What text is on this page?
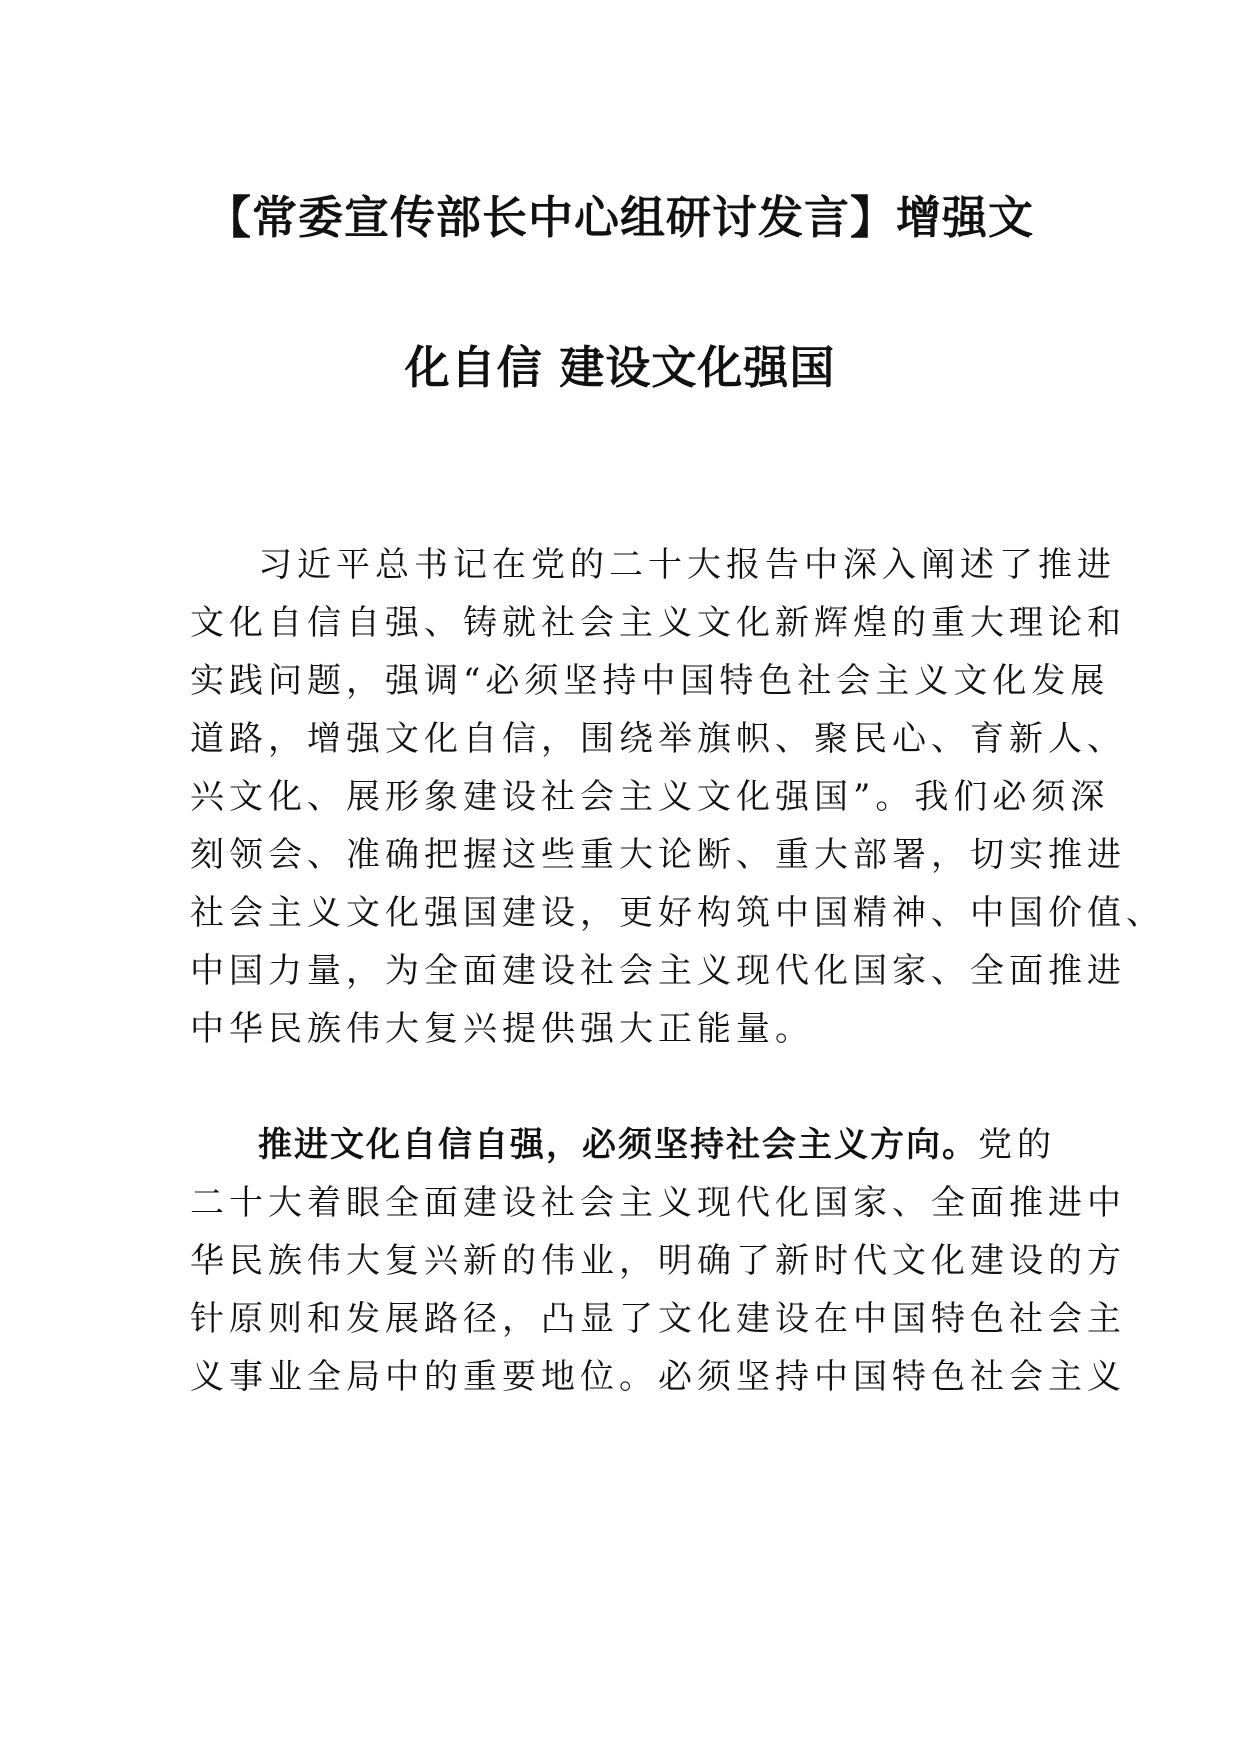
【常委宣传部长中心组研讨发言】增强文
化自信 建设文化强国
习近平总书记在党的二十大报告中深入阐述了推进
文化自信自强、铸就社会主义文化新辉煌的重大理论和
实践问题，强调“必须坚持中国特色社会主义文化发展
道路，增强文化自信，围绕举旗帜、聚民心、育新人、
兴文化、展形象建设社会主义文化强国”。我们必须深
刻领会、准确把握这些重大论断、重大部署，切实推进
社会主义文化强国建设，更好构筑中国精神、中国价值、
中国力量，为全面建设社会主义现代化国家、全面推进
中华民族伟大复兴提供强大正能量。
推进文化自信自强，必须坚持社会主义方向。党的
二十大着眼全面建设社会主义现代化国家、全面推进中
华民族伟大复兴新的伟业，明确了新时代文化建设的方
针原则和发展路径，凸显了文化建设在中国特色社会主
义事业全局中的重要地位。必须坚持中国特色社会主义
